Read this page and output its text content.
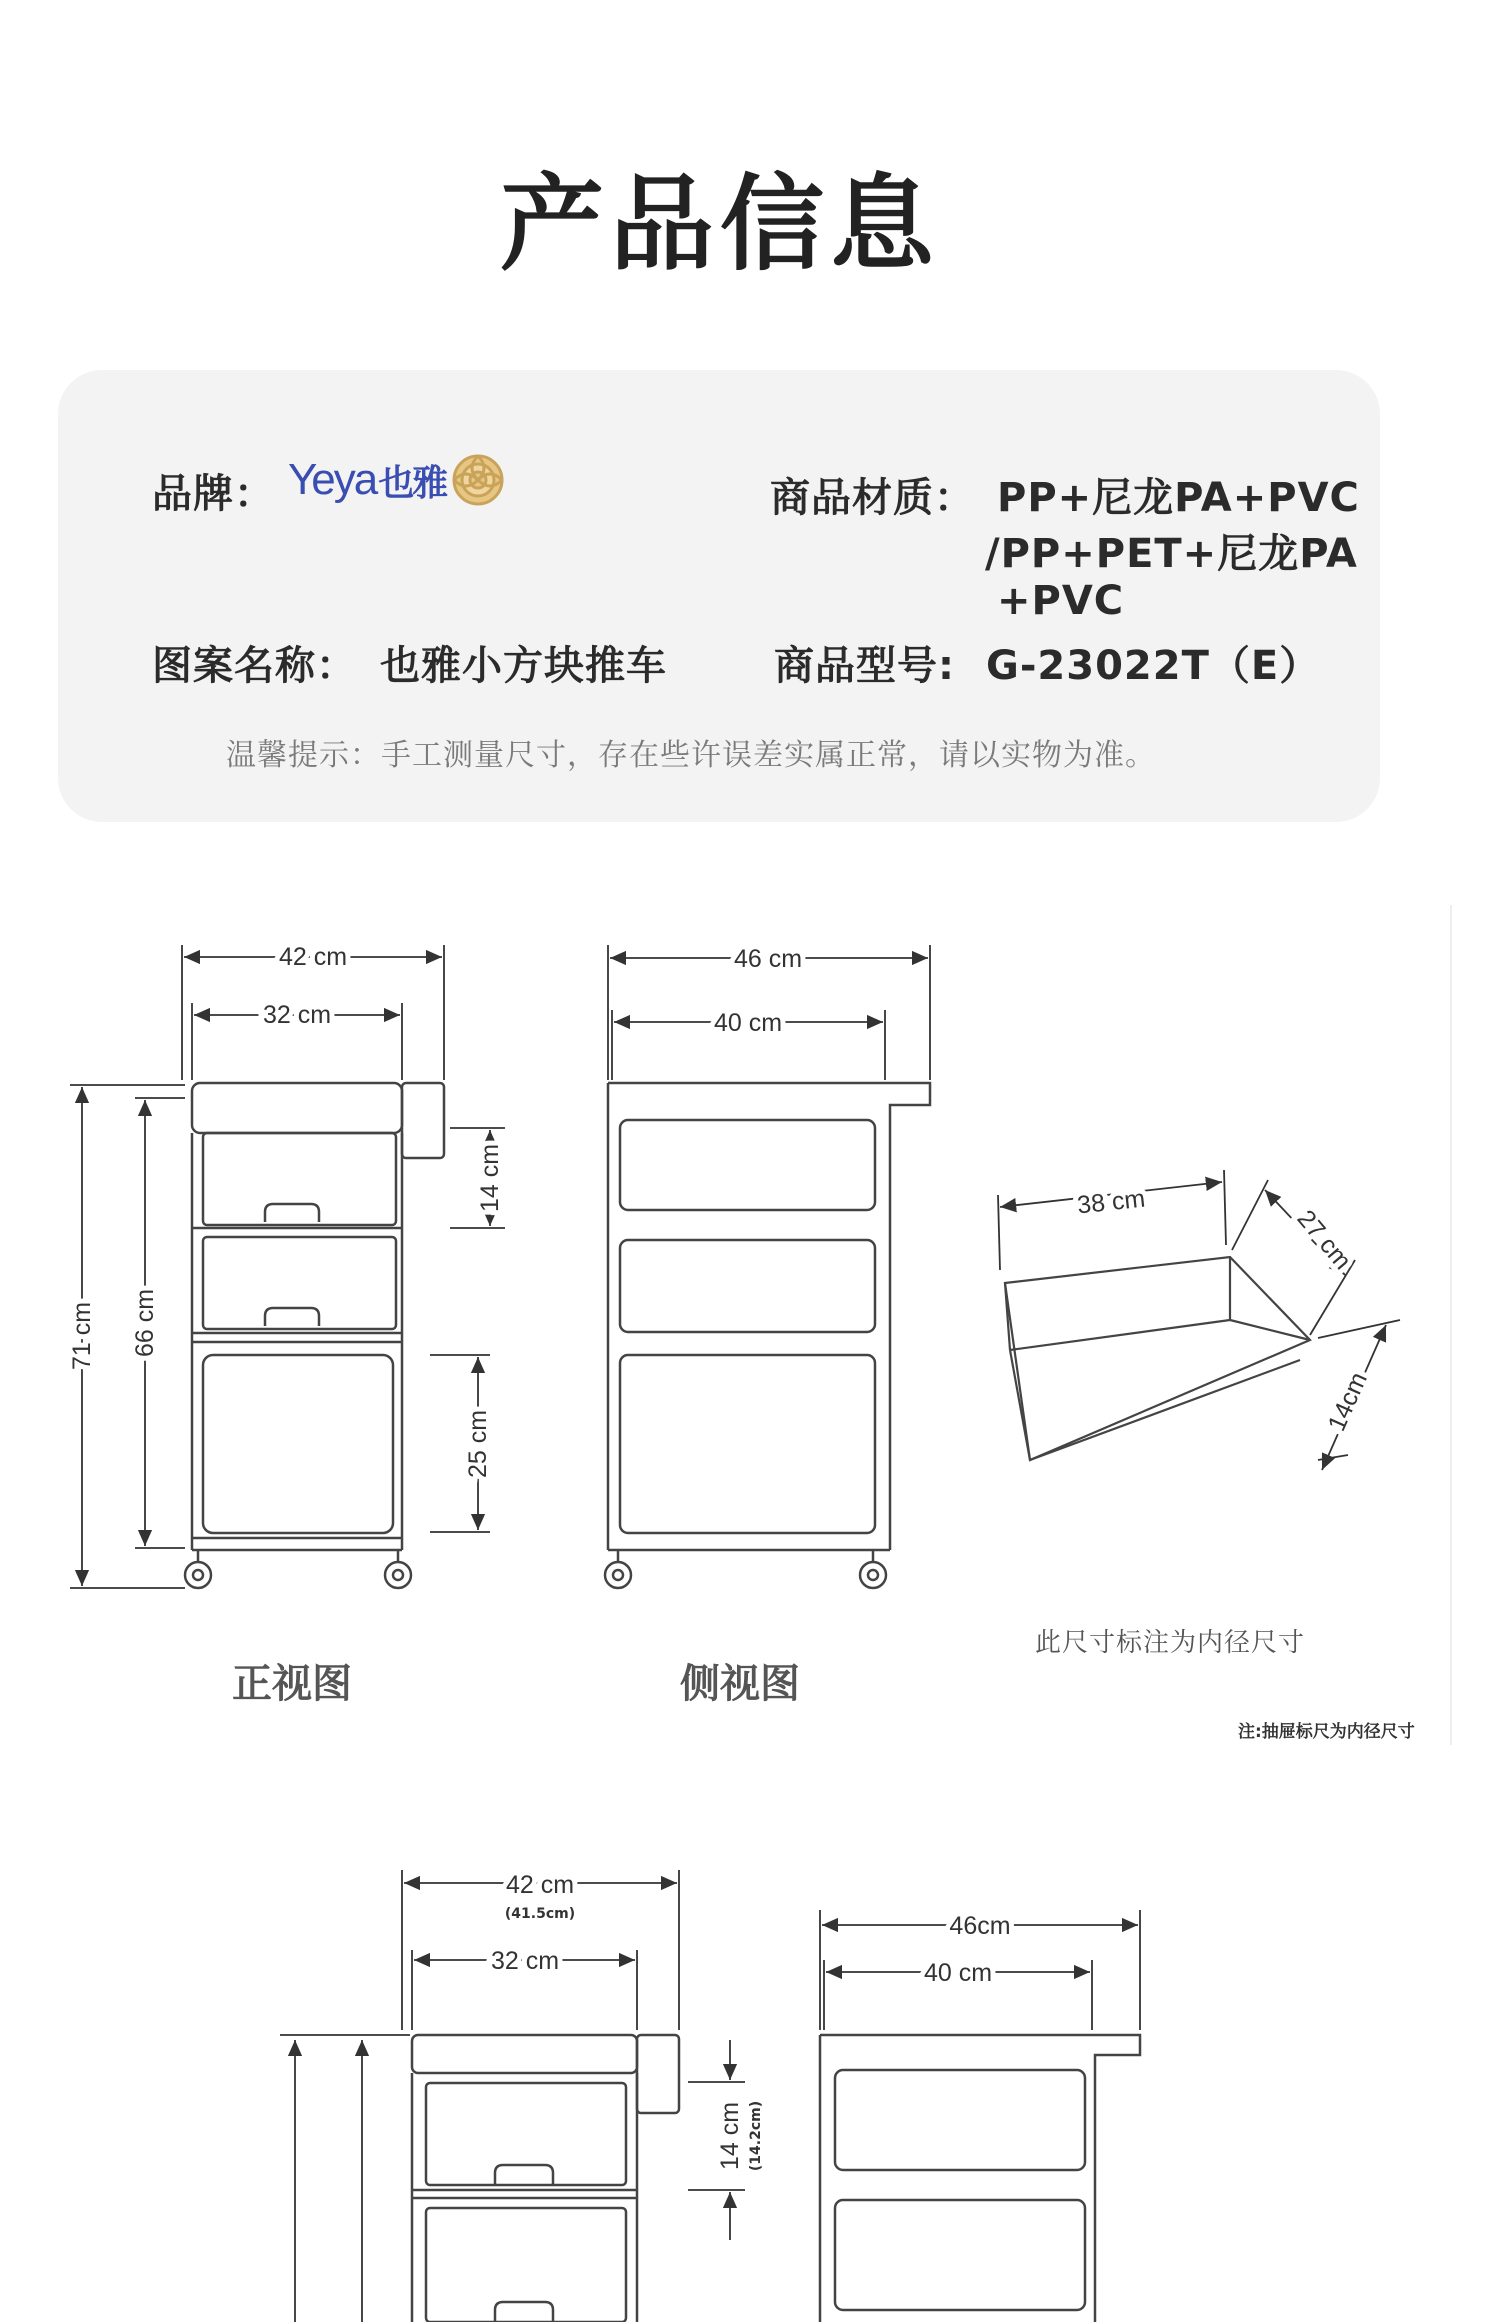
产品信息
品牌： Yeya 也雅	商品材质： PP+尼龙PA+PVC
/PP+PET+尼龙PA
+PVC
图案名称： 也雅小方块推车	商品型号: G-23022T（E）
温馨提示：手工测量尺寸，存在些许误差实属正常，请以实物为准。
42 cm
32 cm
71 cm 66 cm
14 cm
25 cm
46 cm
40 cm
38 cm
27 cm
14cm
正视图	侧视图
此尺寸标注为内径尺寸
注:抽屉标尺为内径尺寸
42 cm
(41.5cm)
32 cm
14 cm (14.2cm)
46cm
40 cm
